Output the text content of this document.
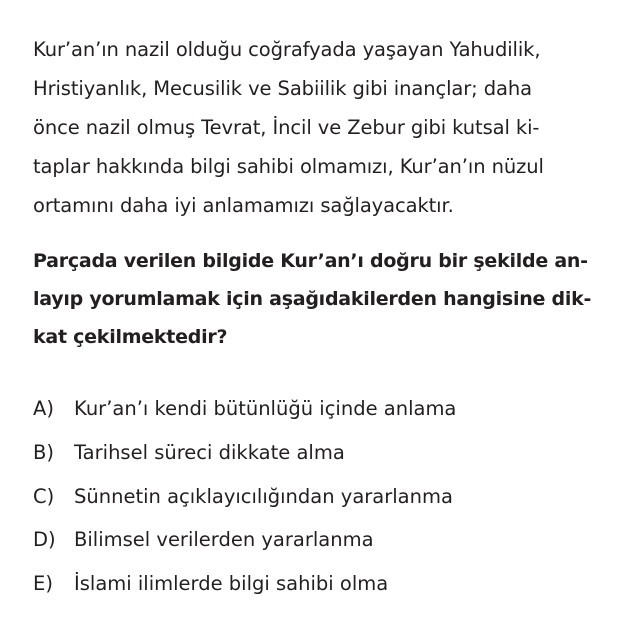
Kur’an’ın nazil olduğu coğrafyada yaşayan Yahudilik,
Hristiyanlık, Mecusilik ve Sabiilik gibi inançlar; daha
önce nazil olmuş Tevrat, İncil ve Zebur gibi kutsal ki-
taplar hakkında bilgi sahibi olmamızı, Kur’an’ın nüzul
ortamını daha iyi anlamamızı sağlayacaktır.

Parçada verilen bilgide Kur’an’ı doğru bir şekilde an-
layıp yorumlamak için aşağıdakilerden hangisine dik-
kat çekilmektedir?

A)	Kur’an’ı kendi bütünlüğü içinde anlama
B)	Tarihsel süreci dikkate alma
C)	Sünnetin açıklayıcılığından yararlanma
D) Bilimsel verilerden yararlanma
E)	İslami ilimlerde bilgi sahibi olma
